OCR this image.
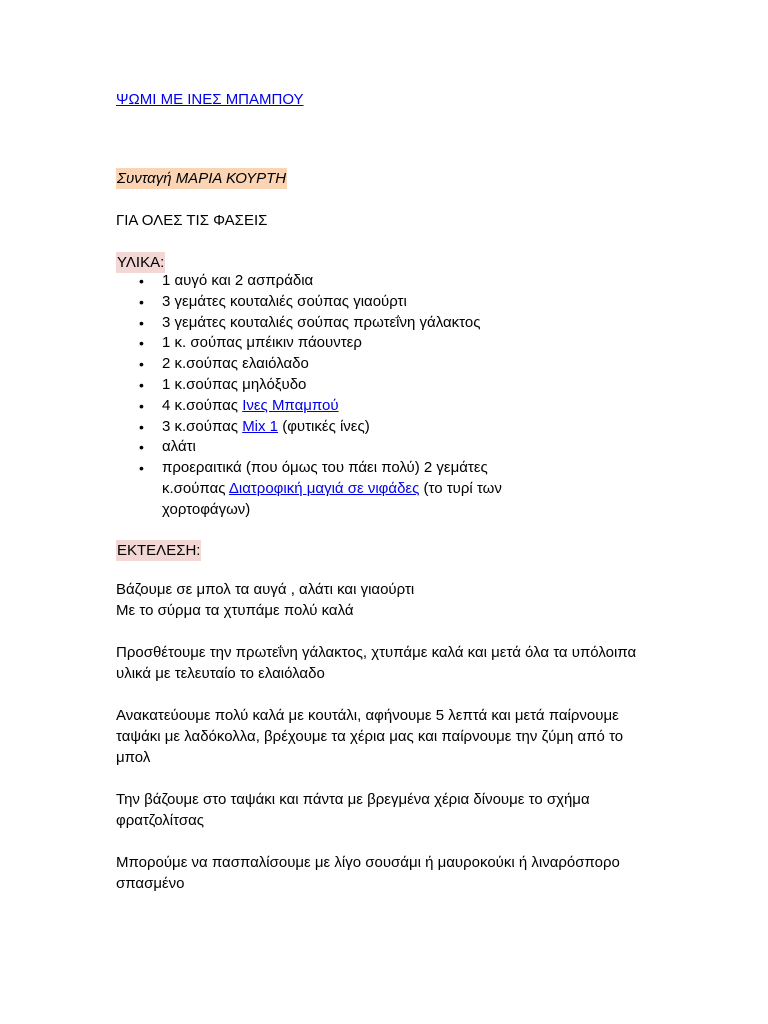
ΨΩΜΙ ΜΕ ΙΝΕΣ ΜΠΑΜΠΟΥ
Συνταγή ΜΑΡΙΑ ΚΟΥΡΤΗ
ΓΙΑ ΟΛΕΣ ΤΙΣ ΦΑΣΕΙΣ
ΥΛΙΚΑ:
• 1 αυγό και 2 ασπράδια
• 3 γεμάτες κουταλιές σούπας γιαούρτι
• 3 γεμάτες κουταλιές σούπας πρωτεΐνη γάλακτος
• 1 κ. σούπας μπέικιν πάουντερ
• 2 κ.σούπας ελαιόλαδο
• 1 κ.σούπας μηλόξυδο
• 4 κ.σούπας Ινες Μπαμπού
• 3 κ.σούπας Mix 1 (φυτικές ίνες)
• αλάτι
• προεραιτικά (που όμως του πάει πολύ) 2 γεμάτες κ.σούπας Διατροφική μαγιά σε νιφάδες (το τυρί των χορτοφάγων)
ΕΚΤΕΛΕΣΗ:

Βάζουμε σε μπολ τα αυγά , αλάτι και γιαούρτι
Με το σύρμα τα χτυπάμε πολύ καλά

Προσθέτουμε την πρωτεΐνη γάλακτος, χτυπάμε καλά και μετά όλα τα υπόλοιπα υλικά με τελευταίο το ελαιόλαδο

Ανακατεύουμε πολύ καλά με κουτάλι, αφήνουμε 5 λεπτά και μετά παίρνουμε ταψάκι με λαδόκολλα, βρέχουμε τα χέρια μας και παίρνουμε την ζύμη από το μπολ

Την βάζουμε στο ταψάκι και πάντα με βρεγμένα χέρια δίνουμε το σχήμα φρατζολίτσας

Μπορούμε να πασπαλίσουμε με λίγο σουσάμι ή μαυροκούκι ή λιναρόσπορο σπασμένο
